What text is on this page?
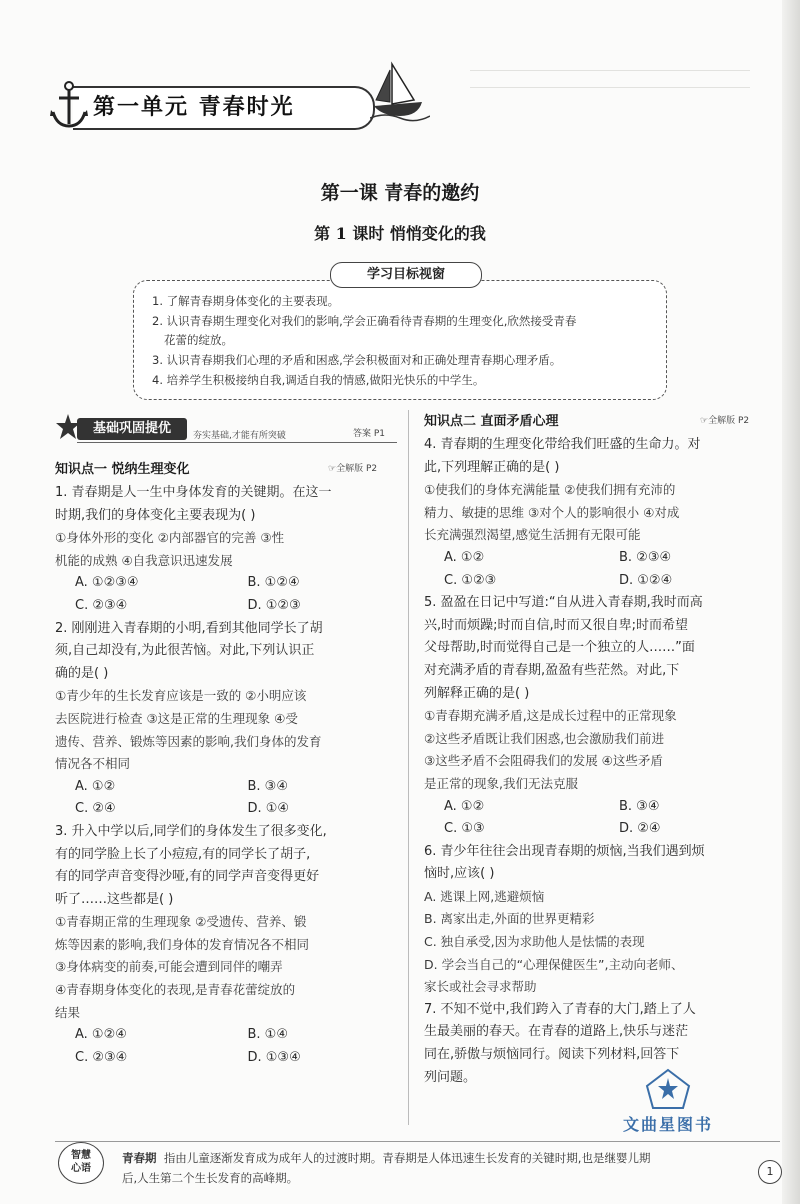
第一单元 青春时光
第一课 青春的邀约
第 1 课时 悄悄变化的我
1. 了解青春期身体变化的主要表现。
2. 认识青春期生理变化对我们的影响,学会正确看待青春期的生理变化,欣然接受青春
花蕾的绽放。
3. 认识青春期我们心理的矛盾和困惑,学会积极面对和正确处理青春期心理矛盾。
4. 培养学生积极接纳自我,调适自我的情感,做阳光快乐的中学生。
学习目标视窗
基础巩固提优	夯实基础,才能有所突破	答案 P1
知识点一 悦纳生理变化	☞全解版 P2
知识点二 直面矛盾心理	☞全解版 P2
1. 青春期是人一生中身体发育的关键期。在这一
时期,我们的身体变化主要表现为( )
①身体外形的变化 ②内部器官的完善 ③性
机能的成熟 ④自我意识迅速发展
A. ①②③④	B. ①②④
C. ②③④	D. ①②③
2. 刚刚进入青春期的小明,看到其他同学长了胡
须,自己却没有,为此很苦恼。对此,下列认识正
确的是( )
①青少年的生长发育应该是一致的 ②小明应该
去医院进行检查 ③这是正常的生理现象 ④受
遗传、营养、锻炼等因素的影响,我们身体的发育
情况各不相同
A. ①②	B. ③④
C. ②④	D. ①④
3. 升入中学以后,同学们的身体发生了很多变化,
有的同学脸上长了小痘痘,有的同学长了胡子,
有的同学声音变得沙哑,有的同学声音变得更好
听了……这些都是( )
①青春期正常的生理现象 ②受遗传、营养、锻
炼等因素的影响,我们身体的发育情况各不相同
③身体病变的前奏,可能会遭到同伴的嘲弄
④青春期身体变化的表现,是青春花蕾绽放的
结果
A. ①②④	B. ①④
C. ②③④	D. ①③④
4. 青春期的生理变化带给我们旺盛的生命力。对
此,下列理解正确的是( )
①使我们的身体充满能量 ②使我们拥有充沛的
精力、敏捷的思维 ③对个人的影响很小 ④对成
长充满强烈渴望,感觉生活拥有无限可能
A. ①②	B. ②③④
C. ①②③	D. ①②④
5. 盈盈在日记中写道:“自从进入青春期,我时而高
兴,时而烦躁;时而自信,时而又很自卑;时而希望
父母帮助,时而觉得自己是一个独立的人……”面
对充满矛盾的青春期,盈盈有些茫然。对此,下
列解释正确的是( )
①青春期充满矛盾,这是成长过程中的正常现象
②这些矛盾既让我们困惑,也会激励我们前进
③这些矛盾不会阻碍我们的发展 ④这些矛盾
是正常的现象,我们无法克服
A. ①②	B. ③④
C. ①③	D. ②④
6. 青少年往往会出现青春期的烦恼,当我们遇到烦
恼时,应该( )
A. 逃课上网,逃避烦恼
B. 离家出走,外面的世界更精彩
C. 独自承受,因为求助他人是怯懦的表现
D. 学会当自己的“心理保健医生”,主动向老师、
家长或社会寻求帮助
7. 不知不觉中,我们跨入了青春的大门,踏上了人
生最美丽的春天。在青春的道路上,快乐与迷茫
同在,骄傲与烦恼同行。阅读下列材料,回答下
列问题。
文曲星图书
智慧
心语
青春期 指由儿童逐渐发育成为成年人的过渡时期。青春期是人体迅速生长发育的关键时期,也是继婴儿期
后,人生第二个生长发育的高峰期。	1
